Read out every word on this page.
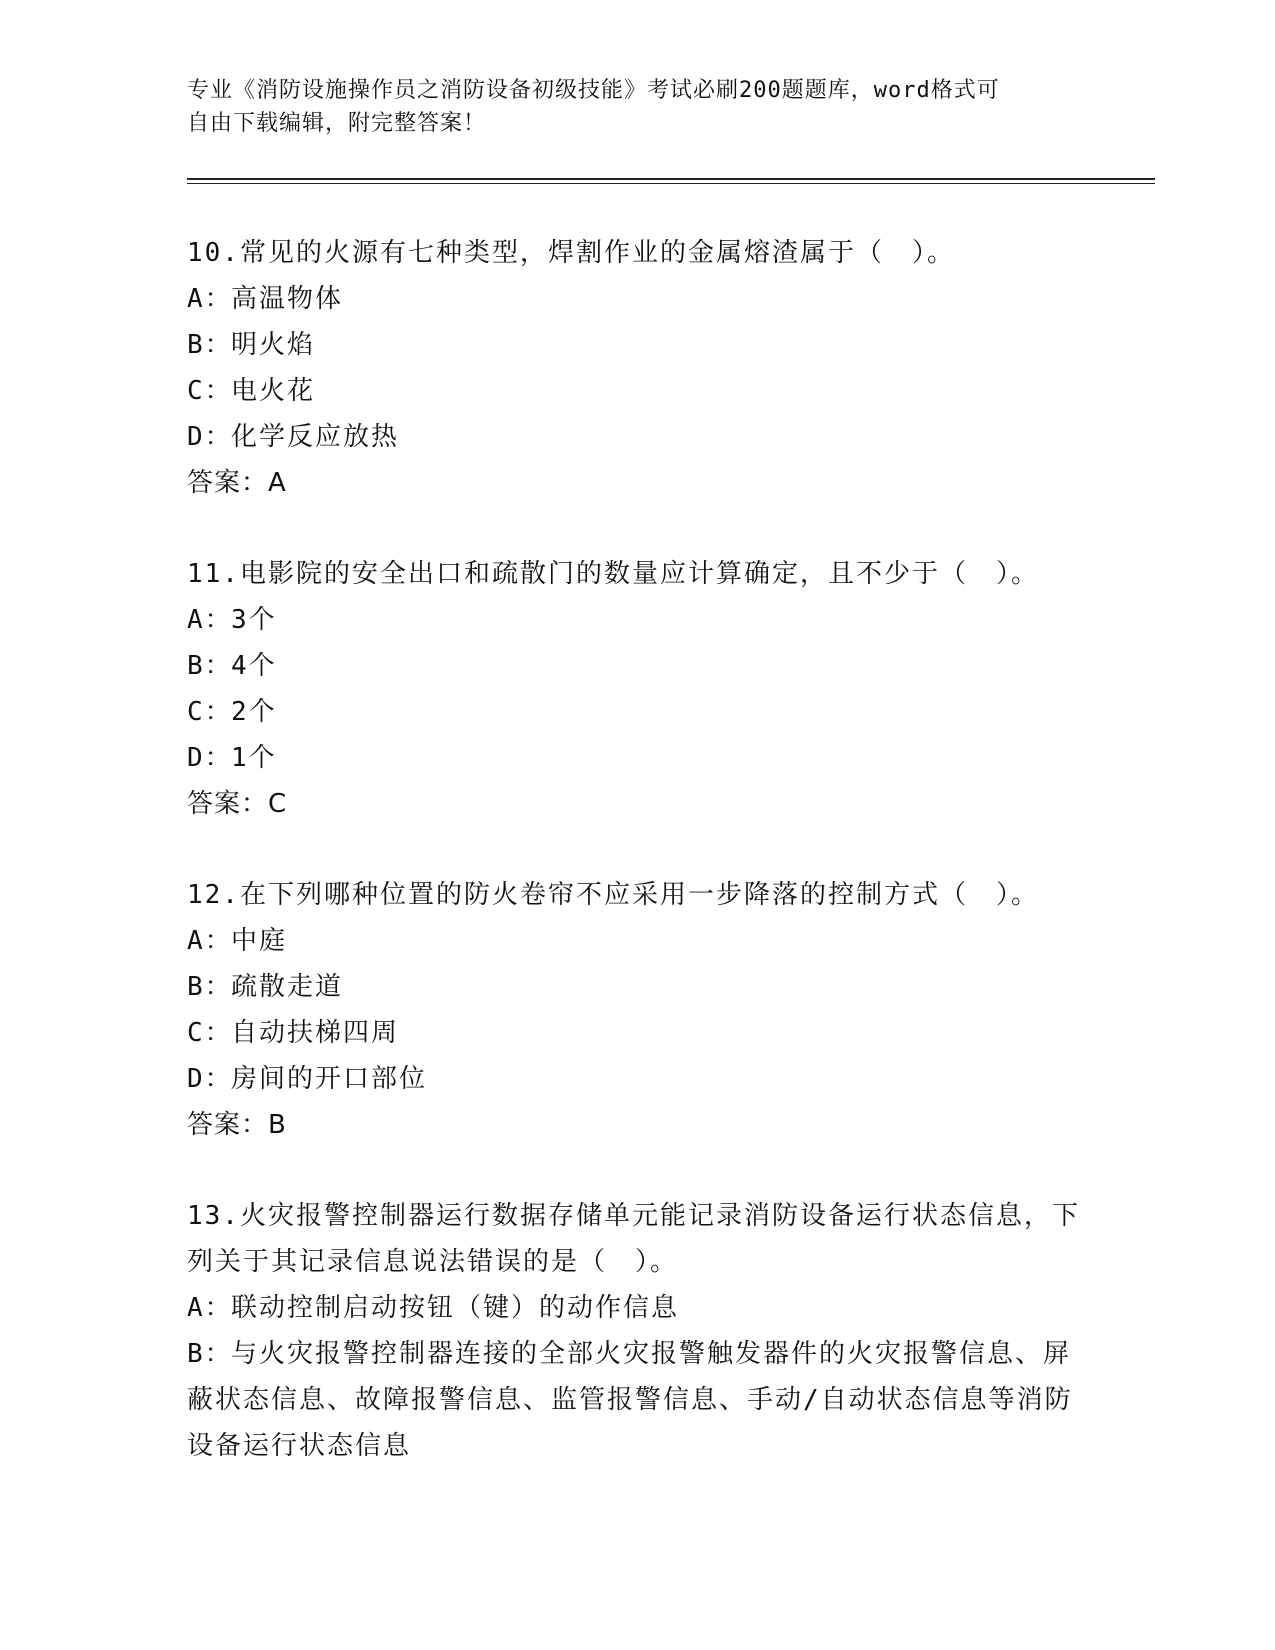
专业《消防设施操作员之消防设备初级技能》考试必刷200题题库，word格式可
自由下载编辑，附完整答案！

10.常见的火源有七种类型，焊割作业的金属熔渣属于（　）。

A：高温物体

B：明火焰

C：电火花

D：化学反应放热

答案：A

11.电影院的安全出口和疏散门的数量应计算确定，且不少于（　）。

A：3个

B：4个

C：2个

D：1个

答案：C

12.在下列哪种位置的防火卷帘不应采用一步降落的控制方式（　）。

A：中庭

B：疏散走道

C：自动扶梯四周

D：房间的开口部位

答案：B

13.火灾报警控制器运行数据存储单元能记录消防设备运行状态信息，下列关于其记录信息说法错误的是（　）。

A：联动控制启动按钮（键）的动作信息

B：与火灾报警控制器连接的全部火灾报警触发器件的火灾报警信息、屏蔽状态信息、故障报警信息、监管报警信息、手动/自动状态信息等消防设备运行状态信息
